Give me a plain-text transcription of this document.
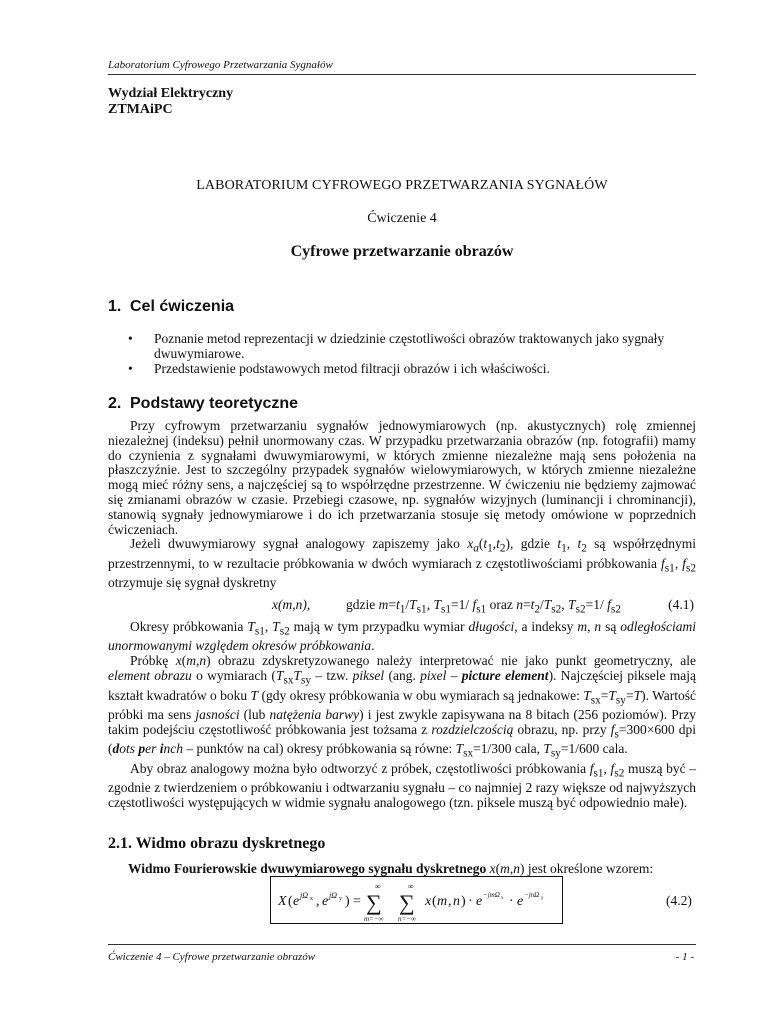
Laboratorium Cyfrowego Przetwarzania Sygnałów
Wydział Elektryczny
ZTMAiPC
LABORATORIUM CYFROWEGO PRZETWARZANIA SYGNAŁÓW
Ćwiczenie 4
Cyfrowe przetwarzanie obrazów
1. Cel ćwiczenia
• Poznanie metod reprezentacji w dziedzinie częstotliwości obrazów traktowanych jako sygnały dwuwymiarowe.
• Przedstawienie podstawowych metod filtracji obrazów i ich właściwości.
2. Podstawy teoretyczne

Przy cyfrowym przetwarzaniu sygnałów jednowymiarowych (np. akustycznych) rolę zmiennej niezależnej (indeksu) pełnił unormowany czas. W przypadku przetwarzania obrazów (np. fotografii) mamy do czynienia z sygnałami dwuwymiarowymi, w których zmienne niezależne mają sens położenia na płaszczyźnie. Jest to szczególny przypadek sygnałów wielowymiarowych, w których zmienne niezależne mogą mieć różny sens, a najczęściej są to współrzędne przestrzenne. W ćwiczeniu nie będziemy zajmować się zmianami obrazów w czasie. Przebiegi czasowe, np. sygnałów wizyjnych (luminancji i chrominancji), stanowią sygnały jednowymiarowe i do ich przetwarzania stosuje się metody omówione w poprzednich ćwiczeniach.

Jeżeli dwuwymiarowy sygnał analogowy zapiszemy jako $x_a(t_1,t_2)$, gdzie $t_1$, $t_2$ są współrzędnymi przestrzennymi, to w rezultacie próbkowania w dwóch wymiarach z częstotliwościami próbkowania $f_{s1}$, $f_{s2}$ otrzymuje się sygnał dyskretny

x(m,n),	gdzie $m=t_1/T_{s1}$, $T_{s1}=1/$ $f_{s1}$ oraz $n=t_2/T_{s2}$, $T_{s2}=1/$ $f_{s2}$	(4.1)

Okresy próbkowania $T_{s1}$, $T_{s2}$ mają w tym przypadku wymiar długości, a indeksy m, n są odległościami unormowanymi względem okresów próbkowania.

Próbkę x(m,n) obrazu zdyskretyzowanego należy interpretować nie jako punkt geometryczny, ale element obrazu o wymiarach ($T_{sx}T_{sy}$ – tzw. piksel (ang. pixel – picture element). Najczęściej piksele mają kształt kwadratów o boku T (gdy okresy próbkowania w obu wymiarach są jednakowe: $T_{sx}=T_{sy}=T$). Wartość próbki ma sens jasności (lub natężenia barwy) i jest zwykle zapisywana na 8 bitach (256 poziomów). Przy takim podejściu częstotliwość próbkowania jest tożsama z rozdzielczością obrazu, np. przy $f_s=300\times 600$ dpi (dots per inch – punktów na cal) okresy próbkowania są równe: $T_{sx}=1/300$ cala, $T_{sy}=1/600$ cala.

Aby obraz analogowy można było odtworzyć z próbek, częstotliwości próbkowania $f_{s1}$, $f_{s2}$ muszą być – zgodnie z twierdzeniem o próbkowaniu i odtwarzaniu sygnału – co najmniej 2 razy większe od najwyższych częstotliwości występujących w widmie sygnału analogowego (tzn. piksele muszą być odpowiednio małe).

2.1. Widmo obrazu dyskretnego
Widmo Fourierowskie dwuwymiarowego sygnału dyskretnego x(m,n) jest określone wzorem:
X ( e jΩ x , e jΩ y ) =
∞
∑
m=−∞
∞
∑
n=−∞
x ( m , n ) · e −jmΩ x · e −jnΩ y	(4.2)
Ćwiczenie 4 – Cyfrowe przetwarzanie obrazów	- 1 -
